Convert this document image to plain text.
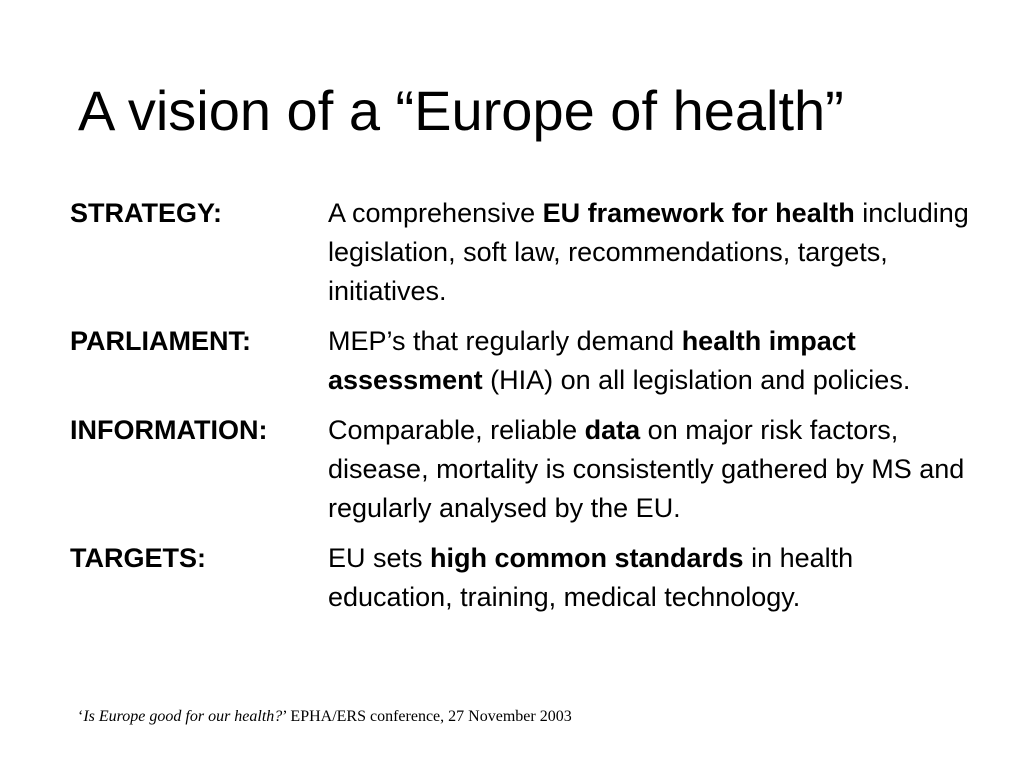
A vision of a “Europe of health”
STRATEGY:	A comprehensive EU framework for health including legislation, soft law, recommendations, targets, initiatives.
PARLIAMENT:	MEP’s that regularly demand health impact assessment (HIA) on all legislation and policies.
INFORMATION:	Comparable, reliable data on major risk factors, disease, mortality is consistently gathered by MS and regularly analysed by the EU.
TARGETS:	EU sets high common standards in health education, training, medical technology.
‘Is Europe good for our health?’ EPHA/ERS conference, 27 November 2003
